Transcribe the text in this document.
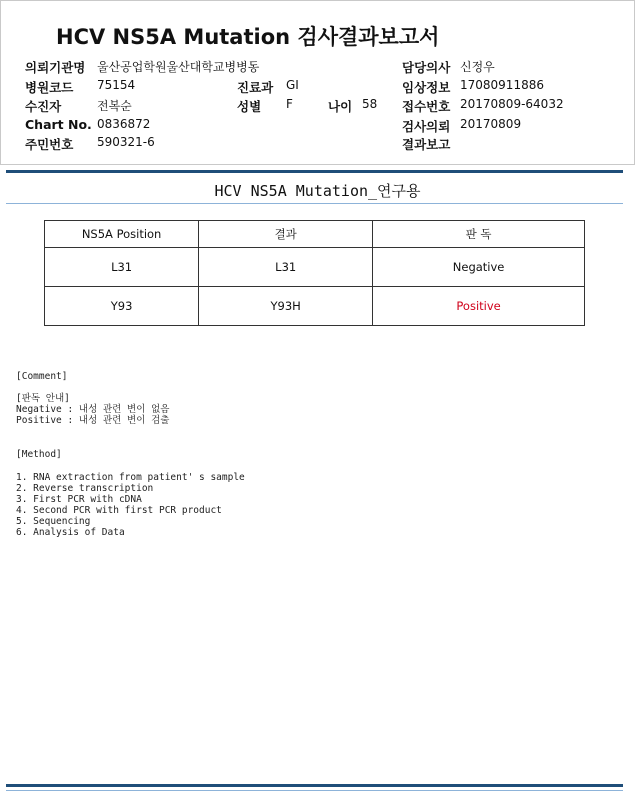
HCV NS5A Mutation 검사결과보고서
의뢰기관명 울산공업학원울산대학교병병동
병원코드 75154
수진자	전복순
Chart No. 0836872
주민번호 590321-6
진료과 GI
성별 F	나이 58
담당의사 신정우
임상정보 17080911886
접수번호 20170809-64032
검사의뢰 20170809
결과보고
HCV NS5A Mutation_연구용
NS5A Position	결과	판 독
L31	L31	Negative
Y93	Y93H	Positive
[Comment]
[판독 안내]
Negative : 내성 관련 변이 없음
Positive : 내성 관련 변이 검출
[Method]
1. RNA extraction from patient' s sample
2. Reverse transcription
3. First PCR with cDNA
4. Second PCR with first PCR product
5. Sequencing
6. Analysis of Data
